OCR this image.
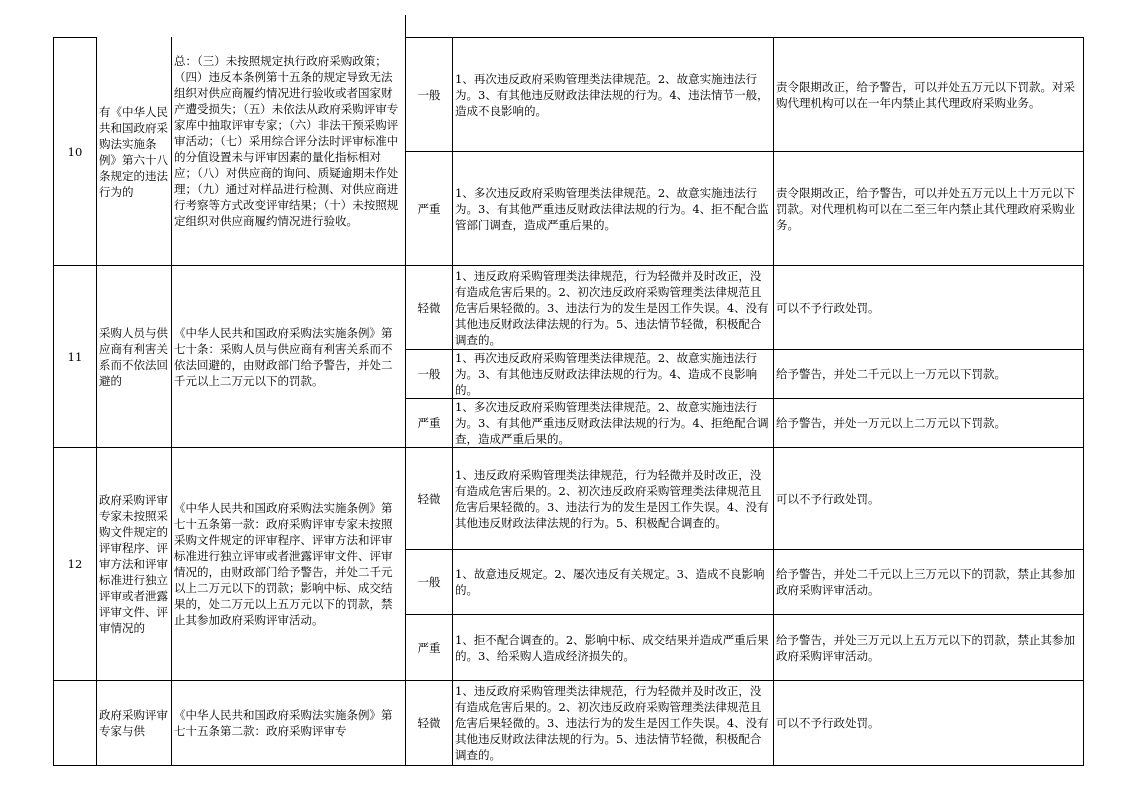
10
有《中华人民共和国政府采购法实施条例》第六十八条规定的违法行为的
总：（三）未按照规定执行政府采购政策；（四）违反本条例第十五条的规定导致无法组织对供应商履约情况进行验收或者国家财产遭受损失；（五）未依法从政府采购评审专家库中抽取评审专家；（六）非法干预采购评审活动；（七）采用综合评分法时评审标准中的分值设置未与评审因素的量化指标相对应；（八）对供应商的询问、质疑逾期未作处理；（九）通过对样品进行检测、对供应商进行考察等方式改变评审结果；（十）未按照规定组织对供应商履约情况进行验收。
一般
1、再次违反政府采购管理类法律规范。2、故意实施违法行为。3、有其他违反财政法律法规的行为。4、违法情节一般，造成不良影响的。
责令限期改正，给予警告，可以并处五万元以下罚款。对采购代理机构可以在一年内禁止其代理政府采购业务。
严重
1、多次违反政府采购管理类法律规范。2、故意实施违法行为。3、有其他严重违反财政法律法规的行为。4、拒不配合监管部门调查，造成严重后果的。
责令限期改正，给予警告，可以并处五万元以上十万元以下罚款。对代理机构可以在二至三年内禁止其代理政府采购业务。
11
采购人员与供应商有利害关系而不依法回避的
《中华人民共和国政府采购法实施条例》第七十条：采购人员与供应商有利害关系而不依法回避的，由财政部门给予警告，并处二千元以上二万元以下的罚款。
轻微
1、违反政府采购管理类法律规范，行为轻微并及时改正，没有造成危害后果的。2、初次违反政府采购管理类法律规范且危害后果轻微的。3、违法行为的发生是因工作失误。4、没有其他违反财政法律法规的行为。5、违法情节轻微，积极配合调查的。
可以不予行政处罚。
一般
1、再次违反政府采购管理类法律规范。2、故意实施违法行为。3、有其他违反财政法律法规的行为。4、造成不良影响的。
给予警告，并处二千元以上一万元以下罚款。
严重
1、多次违反政府采购管理类法律规范。2、故意实施违法行为。3、有其他严重违反财政法律法规的行为。4、拒绝配合调查，造成严重后果的。
给予警告，并处一万元以上二万元以下罚款。
12
政府采购评审专家未按照采购文件规定的评审程序、评审方法和评审标准进行独立评审或者泄露评审文件、评审情况的
《中华人民共和国政府采购法实施条例》第七十五条第一款：政府采购评审专家未按照采购文件规定的评审程序、评审方法和评审标准进行独立评审或者泄露评审文件、评审情况的，由财政部门给予警告，并处二千元以上二万元以下的罚款；影响中标、成交结果的，处二万元以上五万元以下的罚款，禁止其参加政府采购评审活动。
轻微
1、违反政府采购管理类法律规范，行为轻微并及时改正，没有造成危害后果的。2、初次违反政府采购管理类法律规范且危害后果轻微的。3、违法行为的发生是因工作失误。4、没有其他违反财政法律法规的行为。5、积极配合调查的。
可以不予行政处罚。
一般
1、故意违反规定。2、屡次违反有关规定。3、造成不良影响的。
给予警告，并处二千元以上三万元以下的罚款，禁止其参加政府采购评审活动。
严重
1、拒不配合调查的。2、影响中标、成交结果并造成严重后果的。3、给采购人造成经济损失的。
给予警告，并处三万元以上五万元以下的罚款，禁止其参加政府采购评审活动。
政府采购评审专家与供
《中华人民共和国政府采购法实施条例》第七十五条第二款：政府采购评审专
轻微
1、违反政府采购管理类法律规范，行为轻微并及时改正，没有造成危害后果的。2、初次违反政府采购管理类法律规范且危害后果轻微的。3、违法行为的发生是因工作失误。4、没有其他违反财政法律法规的行为。5、违法情节轻微，积极配合调查的。
可以不予行政处罚。
